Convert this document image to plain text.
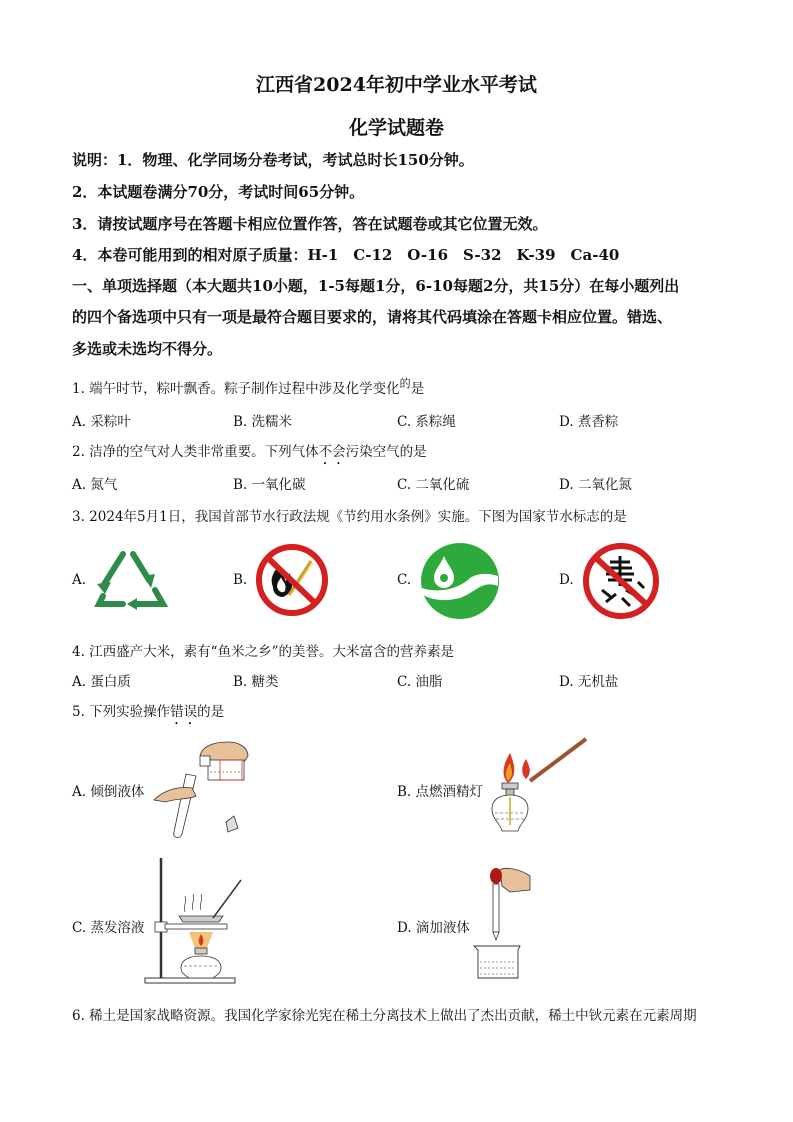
江西省2024年初中学业水平考试
化学试题卷
说明：1．物理、化学同场分卷考试，考试总时长150分钟。
2．本试题卷满分70分，考试时间65分钟。
3．请按试题序号在答题卡相应位置作答，答在试题卷或其它位置无效。
4．本卷可能用到的相对原子质量：H-1　C-12　O-16　S-32　K-39　Ca-40
一、单项选择题（本大题共10小题，1-5每题1分，6-10每题2分，共15分）在每小题列出
的四个备选项中只有一项是最符合题目要求的，请将其代码填涂在答题卡相应位置。错选、
多选或未选均不得分。
1. 端午时节，粽叶飘香。粽子制作过程中涉及化学变化$^的$是
A. 采粽叶	B. 洗糯米	C. 系粽绳	D. 煮香粽
2. 洁净的空气对人类非常重要。下列气体不会污染空气的是
A. 氮气	B. 一氧化碳	C. 二氧化硫	D. 二氧化氮
3. 2024年5月1日，我国首部节水行政法规《节约用水条例》实施。下图为国家节水标志的是
A.	B.	C.	D.
4. 江西盛产大米，素有“鱼米之乡”的美誉。大米富含的营养素是
A. 蛋白质	B. 糖类	C. 油脂	D. 无机盐
5. 下列实验操作错误的是
A. 倾倒液体	B. 点燃酒精灯
C. 蒸发溶液	D. 滴加液体
6. 稀土是国家战略资源。我国化学家徐光宪在稀土分离技术上做出了杰出贡献，稀土中钬元素在元素周期
